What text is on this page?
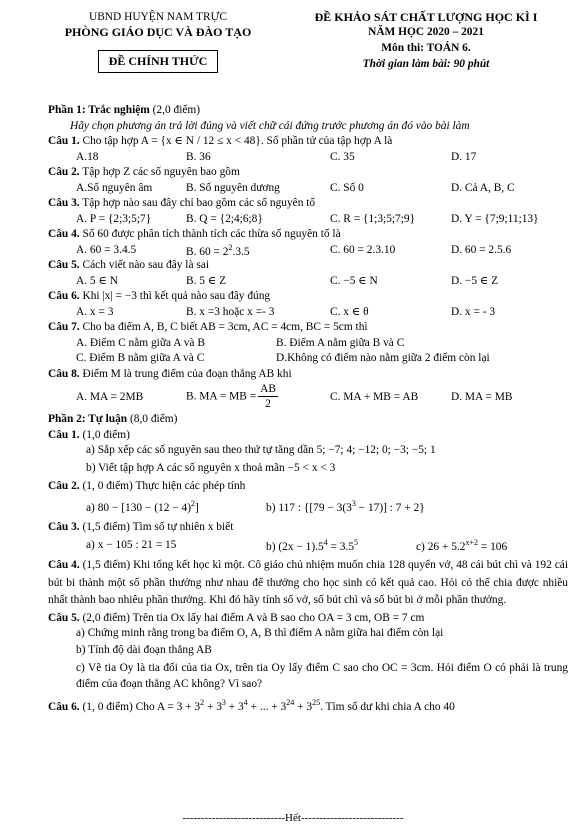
UBND HUYỆN NAM TRỰC
PHÒNG GIÁO DỤC VÀ ĐÀO TẠO
ĐỀ CHÍNH THỨC
ĐỀ KHẢO SÁT CHẤT LƯỢNG HỌC KÌ I
NĂM HỌC 2020 – 2021
Môn thi: TOÁN 6.
Thời gian làm bài: 90 phút
Phần 1: Trắc nghiệm (2,0 điểm)
Hãy chọn phương án trả lời đúng và viết chữ cái đứng trước phương án đó vào bài làm
Câu 1. Cho tập hợp A = {x ∈ N / 12 ≤ x < 48}. Số phần tử của tập hợp A là
A.18	B. 36	C. 35	D. 17
Câu 2. Tập hợp Z các số nguyên bao gồm
A.Số nguyên âm	B. Số nguyên dương	C. Số 0	D. Cả A, B, C
Câu 3. Tập hợp nào sau đây chỉ bao gồm các số nguyên tố
A. P = {2;3;5;7}	B. Q = {2;4;6;8}	C. R = {1;3;5;7;9}	D. Y = {7;9;11;13}
Câu 4. Số 60 được phân tích thành tích các thừa số nguyên tố là
A. 60 = 3.4.5	B. $60 = 2^2.3.5$	C. 60 = 2.3.10	D. 60 = 2.5.6
Câu 5. Cách viết nào sau đây là sai
A. 5 ∈ N	B. 5 ∈ Z	C. −5 ∈ N	D. −5 ∈ Z
Câu 6. Khi |x| = −3 thì kết quả nào sau đây đúng
A. x = 3	B. x =3 hoặc x =- 3	C. x ∈ θ	D. x = - 3
Câu 7. Cho ba điểm A, B, C biết AB = 3cm, AC = 4cm, BC = 5cm thì
A. Điểm C nằm giữa A và B	B. Điểm A nằm giữa B và C
C. Điểm B nằm giữa A và C	D.Không có điểm nào nằm giữa 2 điểm còn lại
Câu 8. Điểm M là trung điểm của đoạn thẳng AB khi
A. MA = 2MB	B. MA = MB = $\frac{AB}{2}$	C. MA + MB = AB	D. MA = MB
Phần 2: Tự luận (8,0 điểm)
Câu 1. (1,0 điểm)
a) Sắp xếp các số nguyên sau theo thứ tự tăng dần 5; −7; 4; −12; 0; −3; −5; 1
b) Viết tập hợp A các số nguyên x thoả mãn −5 < x < 3
Câu 2. (1, 0 điểm) Thực hiện các phép tính
a) $80 - [130 - (12 - 4)^2]$	b) 117 : {$[79 - 3(3^3 - 17)]$ : 7 + 2}
Câu 3. (1,5 điểm) Tìm số tự nhiên x biết
a) x − 105 : 21 = 15	b) $(2x - 1).5^4 = 3.5^5$	c) $26 + 5.2^{x+2} = 106$
Câu 4. (1,5 điểm) Khi tổng kết học kì một. Cô giáo chủ nhiệm muốn chia 128 quyển vở, 48 cái bút chì và 192 cái bút bi thành một số phần thưởng như nhau để thưởng cho học sinh có kết quả cao. Hỏi có thể chia được nhiều nhất thành bao nhiêu phần thưởng. Khi đó hãy tính số vở, số bút chì và số bút bi ở mỗi phần thưởng.
Câu 5. (2,0 điểm) Trên tia Ox lấy hai điểm A và B sao cho OA = 3 cm, OB = 7 cm
a) Chứng minh rằng trong ba điểm O, A, B thì điểm A nằm giữa hai điểm còn lại
b) Tính độ dài đoạn thẳng AB
c) Vẽ tia Oy là tia đối của tia Ox, trên tia Oy lấy điểm C sao cho OC = 3cm. Hỏi điểm O có phải là trung điểm của đoạn thẳng AC không? Vì sao?
Câu 6. (1, 0 điểm) Cho $A = 3 + 3^2 + 3^3 + 3^4$ + ... + $3^{24} + 3^{25}$. Tìm số dư khi chia A cho 40
----------------------------Hết----------------------------
